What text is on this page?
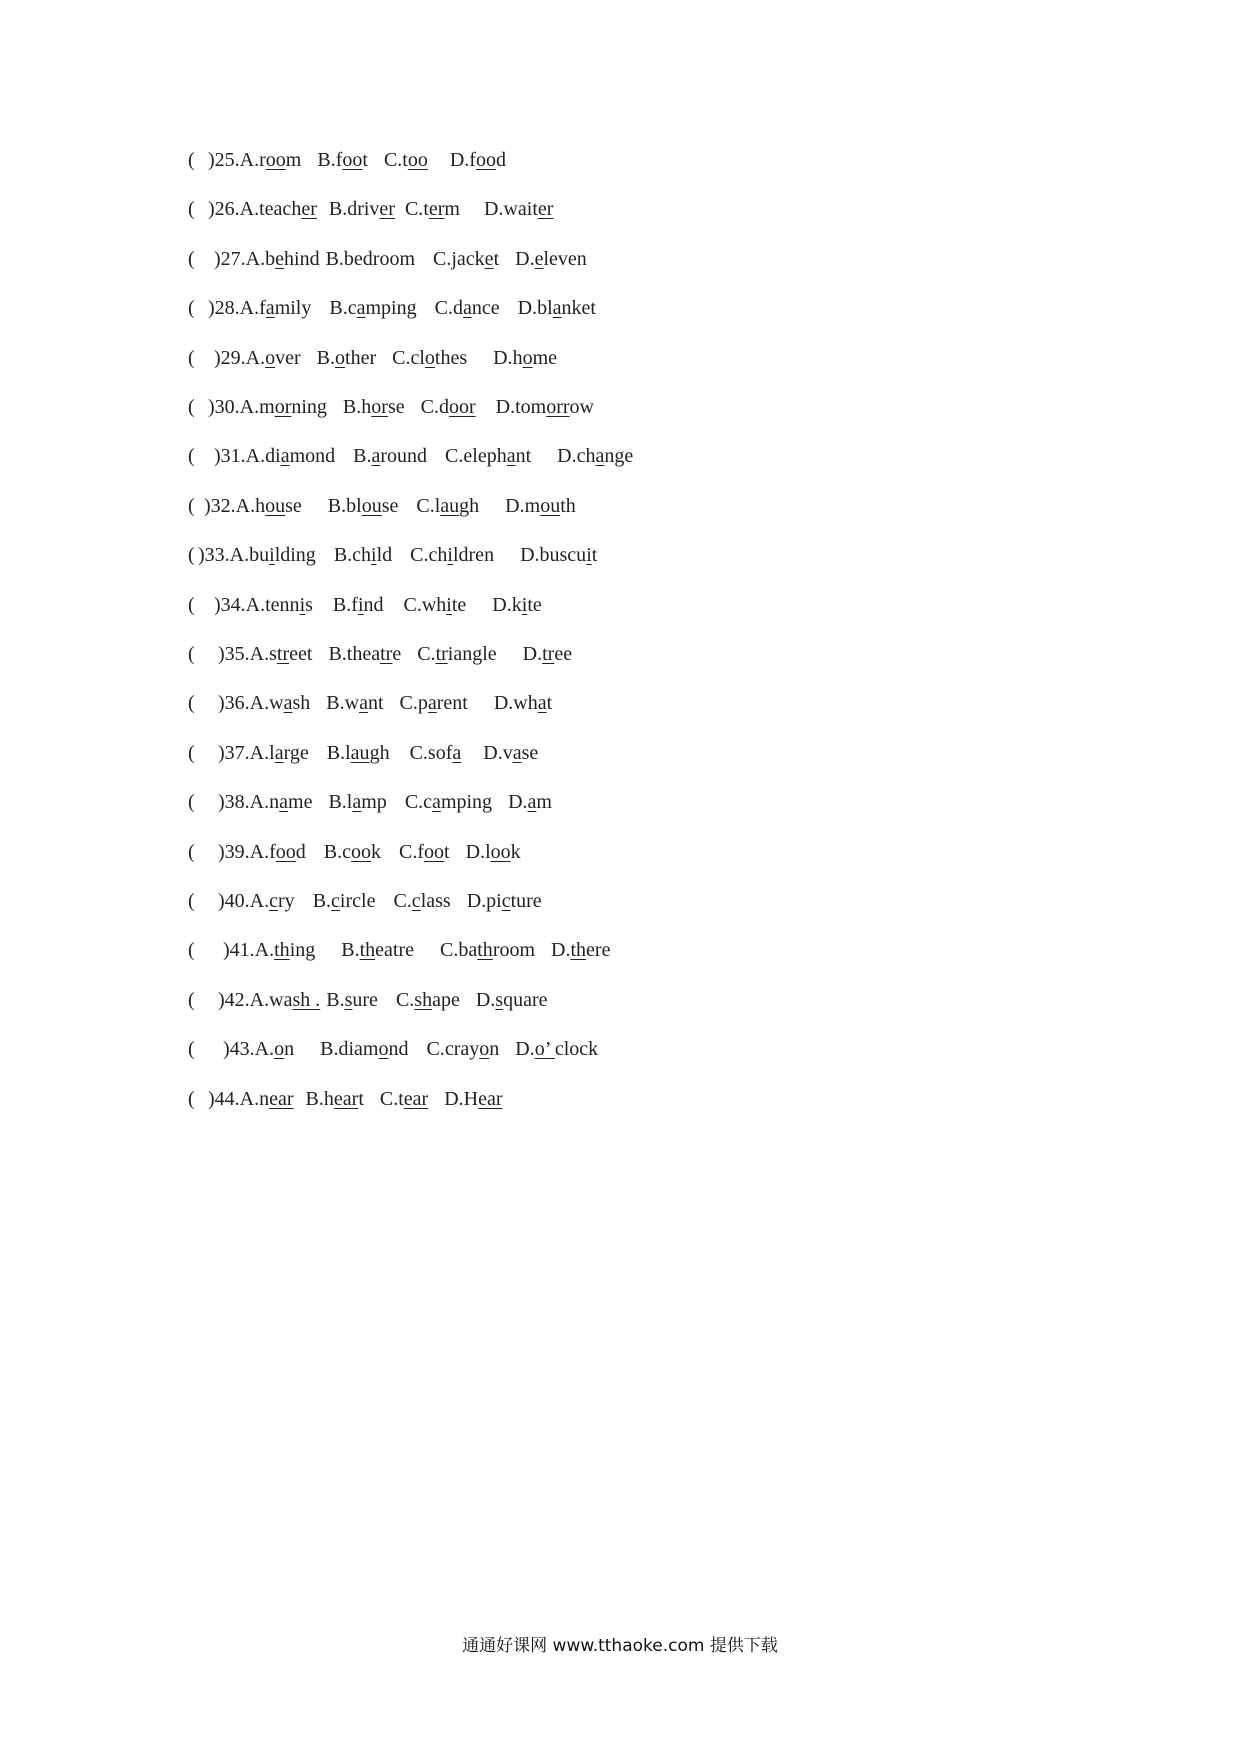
( )25.A.room B.foot C.too D.food
( )26.A.teacher B.driverC.term D.waiter
( )27.A.behind B.bedroom C.jacket D.eleven
( )28.A.family B.camping C.dance D.blanket
( )29.A.over B.other C.clothes D.home
( )30.A.morning B.horse C.door D.tomorrow
( )31.A.diamond B.around C.elephant D.change
( )32.A.house B.blouse C.laugh D.mouth
( )33.A.building B.child C.children D.buscuit
( )34.A.tennis B.find C.white D.kite
( )35.A.street B.theatre C.triangle D.tree
( )36.A.wash B.want C.parent D.what
( )37.A.large B.laugh C.sofa D.vase
( )38.A.name B.lamp C.camping D.am
( )39.A.food B.cook C.foot D.look
( )40.A.cry B.circle C.class D.picture
( )41.A.thing B.theatre C.bathroom D.there
( )42.A.wash . B.sure C.shape D.square
( )43.A.on B.diamond C.crayon D.o’ clock
( )44.A.nearB.heart C.tearD.Hear
通通好课网 www.tthaoke.com 提供下载
